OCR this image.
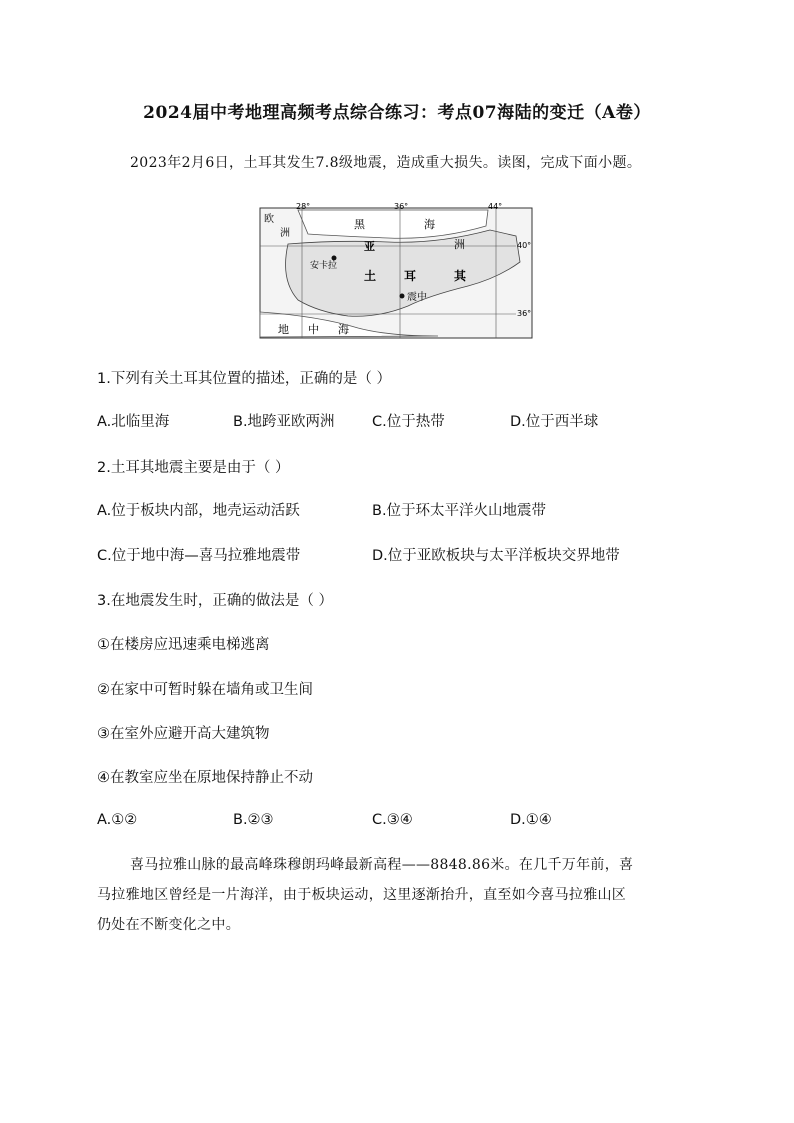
2024届中考地理高频考点综合练习：考点07海陆的变迁（A卷）
2023年2月6日，土耳其发生7.8级地震，造成重大损失。读图，完成下面小题。
28°	36°	44°
40°
36°
欧
洲
黑	海
亚	洲
土 耳	其
地 中 海
安卡拉
震中
1.下列有关土耳其位置的描述，正确的是（ ）
A.北临里海	B.地跨亚欧两洲	C.位于热带	D.位于西半球
2.土耳其地震主要是由于（ ）
A.位于板块内部，地壳运动活跃	B.位于环太平洋火山地震带
C.位于地中海—喜马拉雅地震带	D.位于亚欧板块与太平洋板块交界地带
3.在地震发生时，正确的做法是（ ）
①在楼房应迅速乘电梯逃离
②在家中可暂时躲在墙角或卫生间
③在室外应避开高大建筑物
④在教室应坐在原地保持静止不动
A.①②	B.②③	C.③④	D.①④
喜马拉雅山脉的最高峰珠穆朗玛峰最新高程——8848.86米。在几千万年前，喜
马拉雅地区曾经是一片海洋，由于板块运动，这里逐渐抬升，直至如今喜马拉雅山区
仍处在不断变化之中。
